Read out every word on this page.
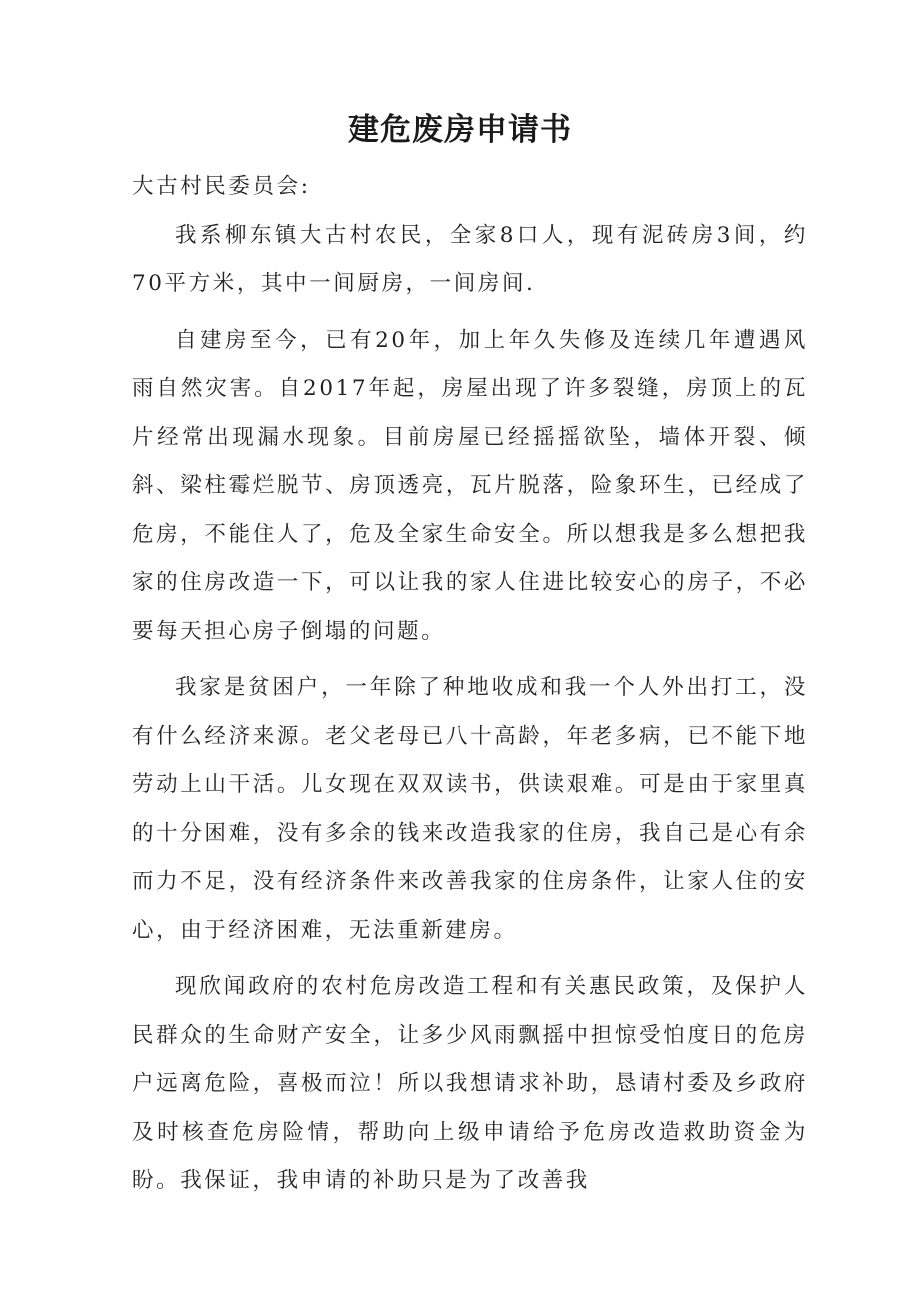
建危废房申请书

大古村民委员会:

我系柳东镇大古村农民，全家8口人，现有泥砖房3间，约70平方米，其中一间厨房，一间房间.

自建房至今，已有20年，加上年久失修及连续几年遭遇风雨自然灾害。自2017年起，房屋出现了许多裂缝，房顶上的瓦片经常出现漏水现象。目前房屋已经摇摇欲坠，墙体开裂、倾斜、梁柱霉烂脱节、房顶透亮，瓦片脱落，险象环生，已经成了危房，不能住人了，危及全家生命安全。所以想我是多么想把我家的住房改造一下，可以让我的家人住进比较安心的房子，不必要每天担心房子倒塌的问题。

我家是贫困户，一年除了种地收成和我一个人外出打工，没有什么经济来源。老父老母已八十高龄，年老多病，已不能下地劳动上山干活。儿女现在双双读书，供读艰难。可是由于家里真的十分困难，没有多余的钱来改造我家的住房，我自己是心有余而力不足，没有经济条件来改善我家的住房条件，让家人住的安心，由于经济困难，无法重新建房。

现欣闻政府的农村危房改造工程和有关惠民政策，及保护人民群众的生命财产安全，让多少风雨飘摇中担惊受怕度日的危房户远离危险，喜极而泣！所以我想请求补助，恳请村委及乡政府及时核查危房险情，帮助向上级申请给予危房改造救助资金为盼。我保证，我申请的补助只是为了改善我
